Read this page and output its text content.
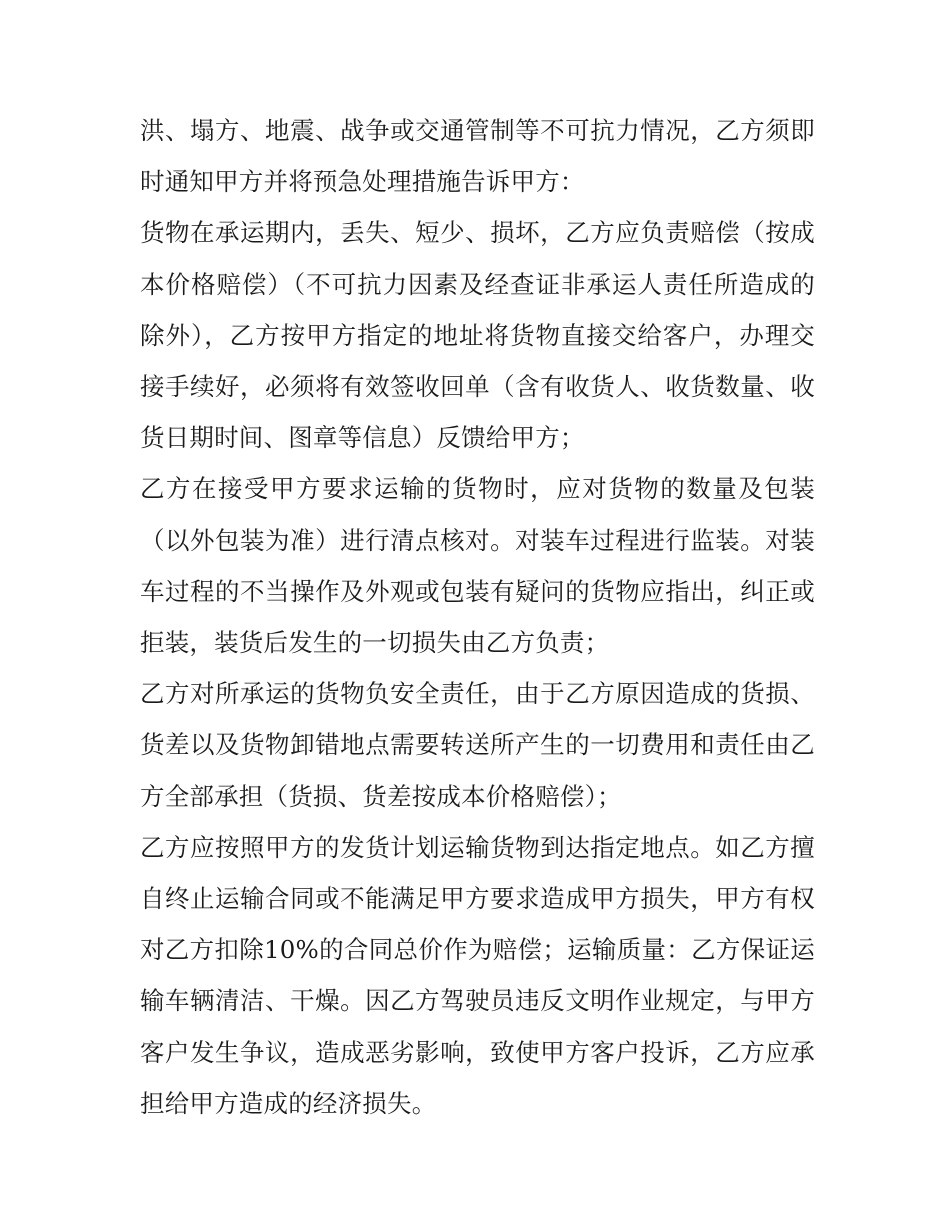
洪、塌方、地震、战争或交通管制等不可抗力情况，乙方须即时通知甲方并将预急处理措施告诉甲方：

货物在承运期内，丢失、短少、损坏，乙方应负责赔偿（按成本价格赔偿）（不可抗力因素及经查证非承运人责任所造成的除外），乙方按甲方指定的地址将货物直接交给客户，办理交接手续好，必须将有效签收回单（含有收货人、收货数量、收货日期时间、图章等信息）反馈给甲方；

乙方在接受甲方要求运输的货物时，应对货物的数量及包装（以外包装为准）进行清点核对。对装车过程进行监装。对装车过程的不当操作及外观或包装有疑问的货物应指出，纠正或拒装，装货后发生的一切损失由乙方负责；

乙方对所承运的货物负安全责任，由于乙方原因造成的货损、货差以及货物卸错地点需要转送所产生的一切费用和责任由乙方全部承担（货损、货差按成本价格赔偿）；

乙方应按照甲方的发货计划运输货物到达指定地点。如乙方擅自终止运输合同或不能满足甲方要求造成甲方损失，甲方有权对乙方扣除10%的合同总价作为赔偿；运输质量：乙方保证运输车辆清洁、干燥。因乙方驾驶员违反文明作业规定，与甲方客户发生争议，造成恶劣影响，致使甲方客户投诉，乙方应承担给甲方造成的经济损失。
